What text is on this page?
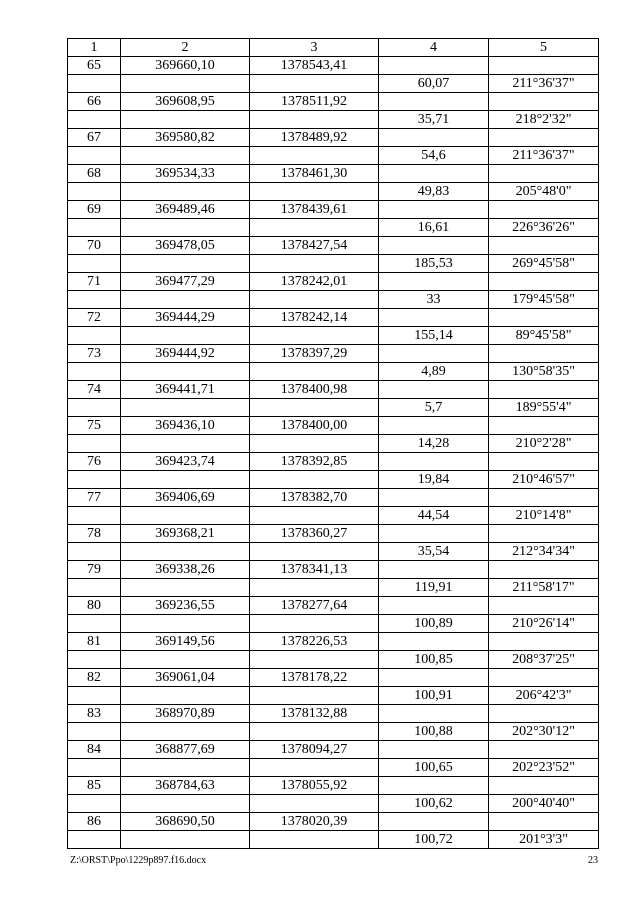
1	2	3	4	5
65	369660,10	1378543,41		
			60,07	211°36'37"
66	369608,95	1378511,92		
			35,71	218°2'32"
67	369580,82	1378489,92		
			54,6	211°36'37"
68	369534,33	1378461,30		
			49,83	205°48'0"
69	369489,46	1378439,61		
			16,61	226°36'26"
70	369478,05	1378427,54		
			185,53	269°45'58"
71	369477,29	1378242,01		
			33	179°45'58"
72	369444,29	1378242,14		
			155,14	89°45'58"
73	369444,92	1378397,29		
			4,89	130°58'35"
74	369441,71	1378400,98		
			5,7	189°55'4"
75	369436,10	1378400,00		
			14,28	210°2'28"
76	369423,74	1378392,85		
			19,84	210°46'57"
77	369406,69	1378382,70		
			44,54	210°14'8"
78	369368,21	1378360,27		
			35,54	212°34'34"
79	369338,26	1378341,13		
			119,91	211°58'17"
80	369236,55	1378277,64		
			100,89	210°26'14"
81	369149,56	1378226,53		
			100,85	208°37'25"
82	369061,04	1378178,22		
			100,91	206°42'3"
83	368970,89	1378132,88		
			100,88	202°30'12"
84	368877,69	1378094,27		
			100,65	202°23'52"
85	368784,63	1378055,92		
			100,62	200°40'40"
86	368690,50	1378020,39		
			100,72	201°3'3"
Z:\ORST\Ppo\1229p897.f16.docx	23
